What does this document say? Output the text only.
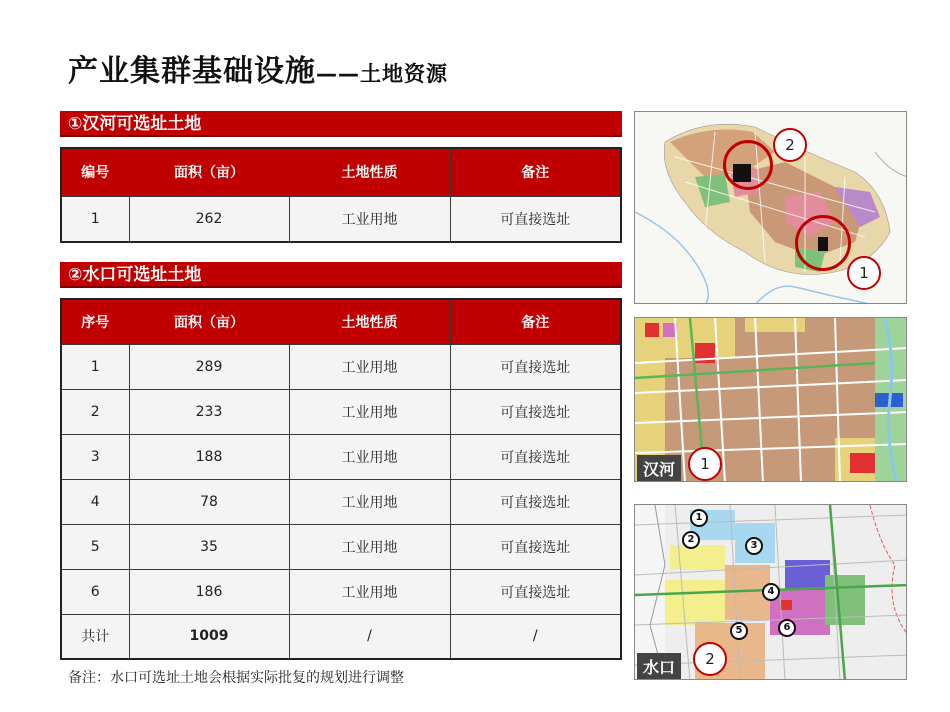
产业集群基础设施——土地资源
①汉河可选址土地
编号	面积（亩）	土地性质	备注
1	262	工业用地	可直接选址
②水口可选址土地
序号	面积（亩）	土地性质	备注
1	289	工业用地	可直接选址
2	233	工业用地	可直接选址
3	188	工业用地	可直接选址
4	78	工业用地	可直接选址
5	35	工业用地	可直接选址
6	186	工业用地	可直接选址
共计	1009	/	/
备注：水口可选址土地会根据实际批复的规划进行调整
2
1
汉河	1
1
2
3
4
5	6
水口	2
